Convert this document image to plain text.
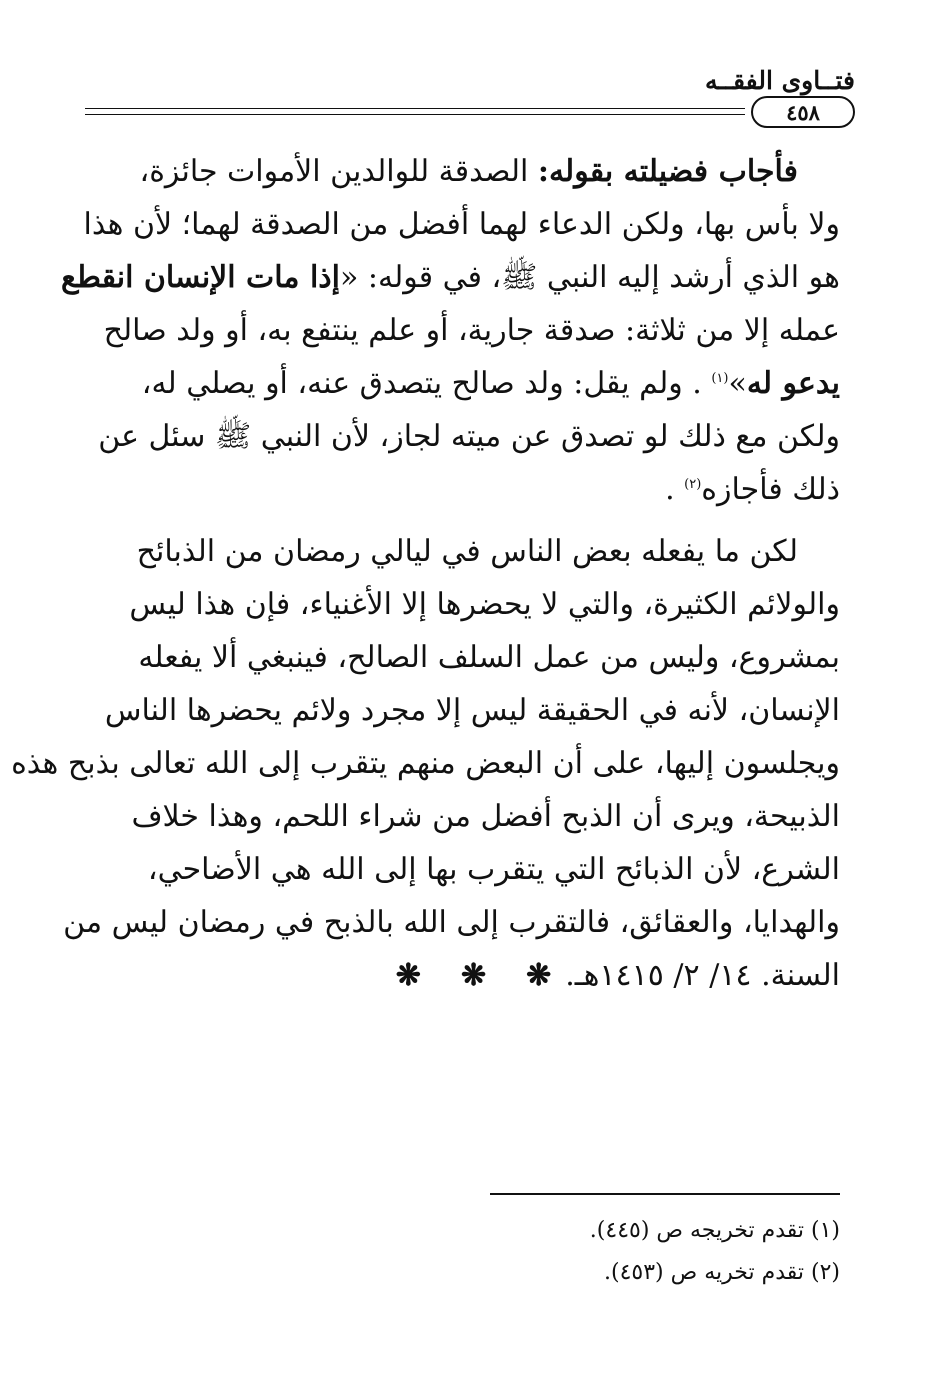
فتــاوى الفقــه
٤٥٨
فأجاب فضيلته بقوله: الصدقة للوالدين الأموات جائزة،
ولا بأس بها، ولكن الدعاء لهما أفضل من الصدقة لهما؛ لأن هذا
هو الذي أرشد إليه النبي ﷺ، في قوله: «إذا مات الإنسان انقطع
عمله إلا من ثلاثة: صدقة جارية، أو علم ينتفع به، أو ولد صالح
يدعو له»$^{(١)}$ . ولم يقل: ولد صالح يتصدق عنه، أو يصلي له،
ولكن مع ذلك لو تصدق عن ميته لجاز، لأن النبي ﷺ سئل عن
ذلك فأجازه$^{(٢)}$ .
لكن ما يفعله بعض الناس في ليالي رمضان من الذبائح
والولائم الكثيرة، والتي لا يحضرها إلا الأغنياء، فإن هذا ليس
بمشروع، وليس من عمل السلف الصالح، فينبغي ألا يفعله
الإنسان، لأنه في الحقيقة ليس إلا مجرد ولائم يحضرها الناس
ويجلسون إليها، على أن البعض منهم يتقرب إلى الله تعالى بذبح هذه
الذبيحة، ويرى أن الذبح أفضل من شراء اللحم، وهذا خلاف
الشرع، لأن الذبائح التي يتقرب بها إلى الله هي الأضاحي،
والهدايا، والعقائق، فالتقرب إلى الله بالذبح في رمضان ليس من
السنة. ١٤/ ٢/ ١٤١٥هـ.
❋
❋
❋
(١) تقدم تخريجه ص (٤٤٥).
(٢) تقدم تخريه ص (٤٥٣).
